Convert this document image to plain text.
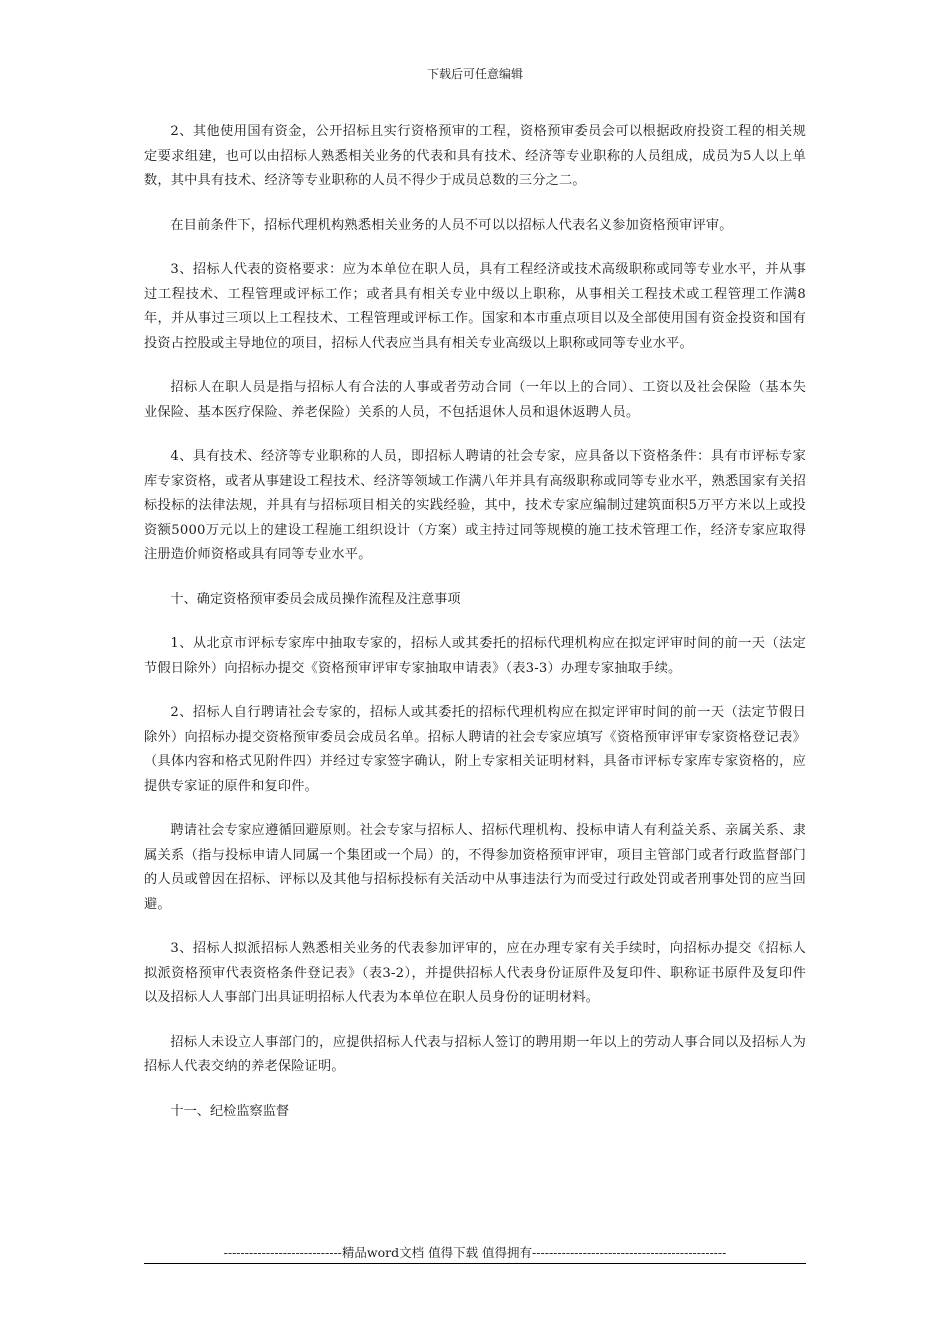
下载后可任意编辑

2、其他使用国有资金，公开招标且实行资格预审的工程，资格预审委员会可以根据政府投资工程的相关规定要求组建，也可以由招标人熟悉相关业务的代表和具有技术、经济等专业职称的人员组成，成员为5人以上单数，其中具有技术、经济等专业职称的人员不得少于成员总数的三分之二。

在目前条件下，招标代理机构熟悉相关业务的人员不可以以招标人代表名义参加资格预审评审。

3、招标人代表的资格要求：应为本单位在职人员，具有工程经济或技术高级职称或同等专业水平，并从事过工程技术、工程管理或评标工作；或者具有相关专业中级以上职称，从事相关工程技术或工程管理工作满8年，并从事过三项以上工程技术、工程管理或评标工作。国家和本市重点项目以及全部使用国有资金投资和国有投资占控股或主导地位的项目，招标人代表应当具有相关专业高级以上职称或同等专业水平。

招标人在职人员是指与招标人有合法的人事或者劳动合同（一年以上的合同）、工资以及社会保险（基本失业保险、基本医疗保险、养老保险）关系的人员，不包括退休人员和退休返聘人员。

4、具有技术、经济等专业职称的人员，即招标人聘请的社会专家，应具备以下资格条件：具有市评标专家库专家资格，或者从事建设工程技术、经济等领域工作满八年并具有高级职称或同等专业水平，熟悉国家有关招标投标的法律法规，并具有与招标项目相关的实践经验，其中，技术专家应编制过建筑面积5万平方米以上或投资额5000万元以上的建设工程施工组织设计（方案）或主持过同等规模的施工技术管理工作，经济专家应取得注册造价师资格或具有同等专业水平。

十、确定资格预审委员会成员操作流程及注意事项

1、从北京市评标专家库中抽取专家的，招标人或其委托的招标代理机构应在拟定评审时间的前一天（法定节假日除外）向招标办提交《资格预审评审专家抽取申请表》（表3-3）办理专家抽取手续。

2、招标人自行聘请社会专家的，招标人或其委托的招标代理机构应在拟定评审时间的前一天（法定节假日除外）向招标办提交资格预审委员会成员名单。招标人聘请的社会专家应填写《资格预审评审专家资格登记表》（具体内容和格式见附件四）并经过专家签字确认，附上专家相关证明材料，具备市评标专家库专家资格的，应提供专家证的原件和复印件。

聘请社会专家应遵循回避原则。社会专家与招标人、招标代理机构、投标申请人有利益关系、亲属关系、隶属关系（指与投标申请人同属一个集团或一个局）的，不得参加资格预审评审，项目主管部门或者行政监督部门的人员或曾因在招标、评标以及其他与招标投标有关活动中从事违法行为而受过行政处罚或者刑事处罚的应当回避。

3、招标人拟派招标人熟悉相关业务的代表参加评审的，应在办理专家有关手续时，向招标办提交《招标人拟派资格预审代表资格条件登记表》（表3-2），并提供招标人代表身份证原件及复印件、职称证书原件及复印件以及招标人人事部门出具证明招标人代表为本单位在职人员身份的证明材料。

招标人未设立人事部门的，应提供招标人代表与招标人签订的聘用期一年以上的劳动人事合同以及招标人为招标人代表交纳的养老保险证明。

十一、纪检监察监督

----------------------------精品word文档 值得下载 值得拥有----------------------------------------------
